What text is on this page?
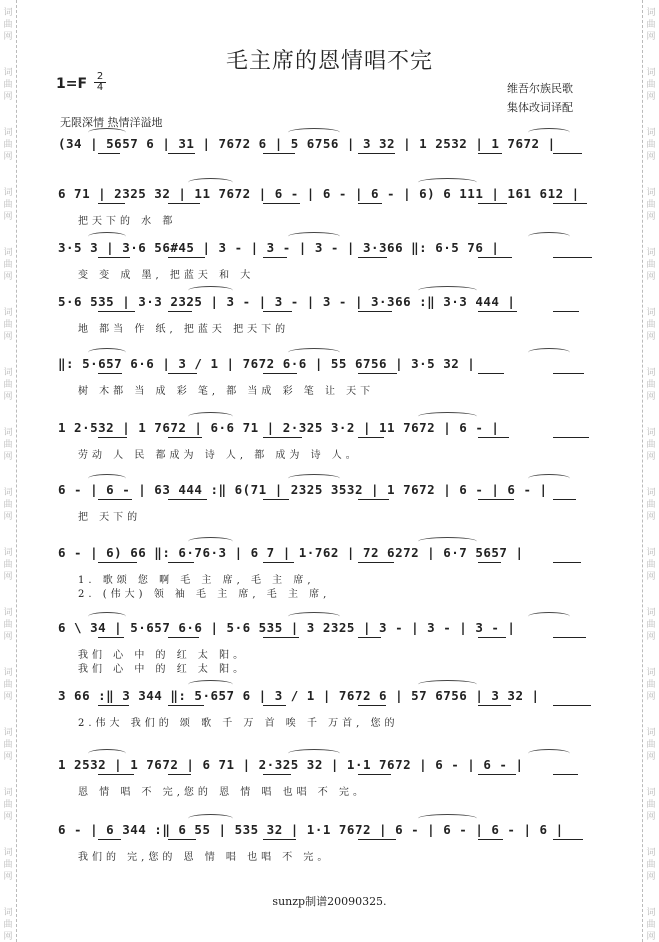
词
曲
网
词
曲
网
词
曲
网
词
曲
网
词
曲
网
词
曲
网
词
曲
网
词
曲
网
词
曲
网
词
曲
网
词
曲
网
词
曲
网
词
曲
网
词
曲
网
词
曲
网
词
曲
网
词
曲
网
词
曲
网
词
曲
网
词
曲
网
词
曲
网
词
曲
网
词
曲
网
词
曲
网
词
曲
网
词
曲
网
词
曲
网
词
曲
网
词
曲
网
词
曲
网
词
曲
网
词
曲
网
毛主席的恩情唱不完
1=F 2
4	维吾尔族民歌
集体改词译配
无限深情 热情洋溢地
(34 | 5657 6 | 31 | 7672 6 | 5 6756 | 3 32 | 1 2532 | 1 7672 |
6 71 | 2325 32 | 11 7672 | 6 - | 6 - | 6 - | 6) 6 111 | 161 612 |
把天下的 水 都
3·5 3 | 3·6 56#45 | 3 - | 3 - | 3 - | 3·366 ‖: 6·5 76 |
变 变 成 墨, 把蓝天 和 大
5·6 535 | 3·3 2325 | 3 - | 3 - | 3 - | 3·366 :‖ 3·3 444 |
地 都当 作 纸, 把蓝天 把天下的
‖: 5·657 6·6 | 3 / 1 | 7672 6·6 | 55 6756 | 3·5 32 |
树 木都 当 成 彩 笔, 都 当成 彩 笔 让 天下
1 2·532 | 1 7672 | 6·6 71 | 2·325 3·2 | 11 7672 | 6 - |
劳动 人 民 都成为 诗 人, 都 成为 诗 人。
6 - | 6 - | 63 444 :‖ 6(71 | 2325 3532 | 1 7672 | 6 - | 6 - |
把 天下的
6 - | 6) 66 ‖: 6·76·3 | 6 7 | 1·762 | 72 6272 | 6·7 5657 |
1. 歌颂 您 啊 毛 主 席, 毛 主 席,
2. (伟大) 领 袖 毛 主 席, 毛 主 席,
6 \ 34 | 5·657 6·6 | 5·6 535 | 3 2325 | 3 - | 3 - | 3 - |
我们 心 中 的 红 太 阳。
我们 心 中 的 红 太 阳。
3 66 :‖ 3 344 ‖: 5·657 6 | 3 / 1 | 7672 6 | 57 6756 | 3 32 |
2.伟大 我们的 颂 歌 千 万 首 唉 千 万首, 您的
1 2532 | 1 7672 | 6 71 | 2·325 32 | 1·1 7672 | 6 - | 6 - |
恩 情 唱 不 完,您的 恩 情 唱 也唱 不 完。
6 - | 6 344 :‖ 6 55 | 535 32 | 1·1 7672 | 6 - | 6 - | 6 - | 6 |
我们的 完,您的 恩 情 唱 也唱 不 完。
sunzp制谱20090325.
